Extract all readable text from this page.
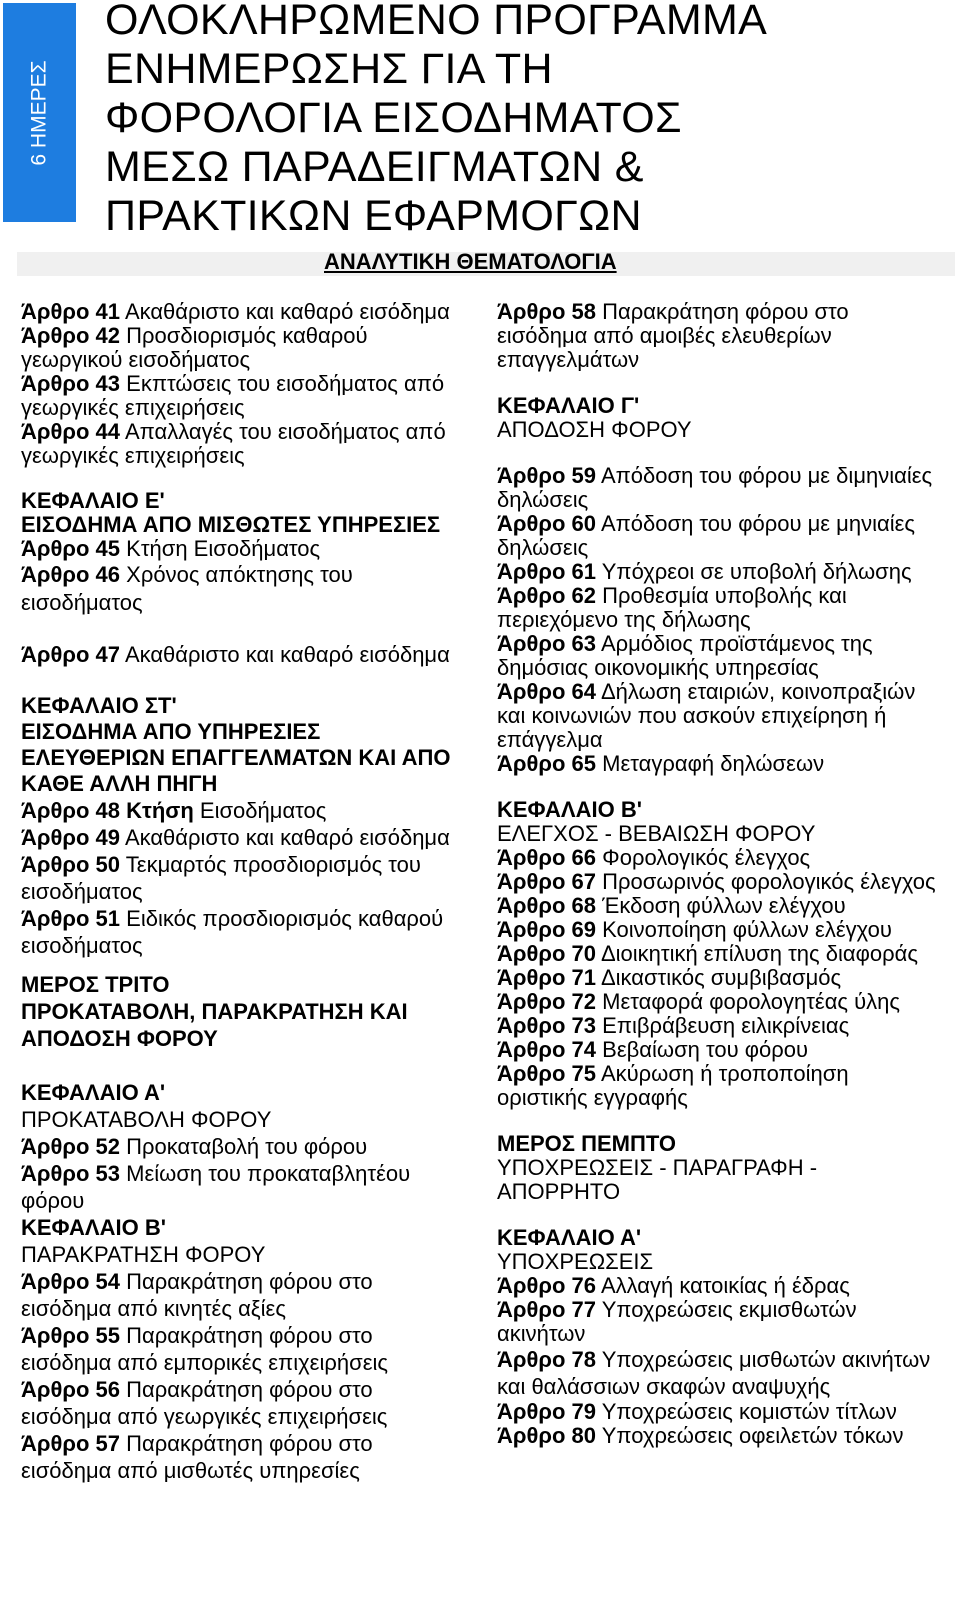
6 ΗΜΕΡΕΣ
ΟΛΟΚΛΗΡΩΜΕΝΟ ΠΡΟΓΡΑΜΜΑ
ΕΝΗΜΕΡΩΣΗΣ ΓΙΑ ΤΗ
ΦΟΡΟΛΟΓΙΑ ΕΙΣΟΔΗΜΑΤΟΣ
ΜΕΣΩ ΠΑΡΑΔΕΙΓΜΑΤΩΝ &
ΠΡΑΚΤΙΚΩΝ ΕΦΑΡΜΟΓΩΝ
ΑΝΑΛΥΤΙΚΗ ΘΕΜΑΤΟΛΟΓΙΑ
Άρθρο 41 Ακαθάριστο και καθαρό εισόδημα
Άρθρο 42 Προσδιορισμός καθαρού γεωργικού εισοδήματος
Άρθρο 43 Εκπτώσεις του εισοδήματος από γεωργικές επιχειρήσεις
Άρθρο 44 Απαλλαγές του εισοδήματος από γεωργικές επιχειρήσεις
ΚΕΦΑΛΑΙΟ Ε'
ΕΙΣΟΔΗΜΑ ΑΠΟ ΜΙΣΘΩΤΕΣ ΥΠΗΡΕΣΙΕΣ
Άρθρο 45 Κτήση Εισοδήματος
Άρθρο 46 Χρόνος απόκτησης του εισοδήματος
Άρθρο 47 Ακαθάριστο και καθαρό εισόδημα
ΚΕΦΑΛΑΙΟ ΣΤ'
ΕΙΣΟΔΗΜΑ ΑΠΟ ΥΠΗΡΕΣΙΕΣ ΕΛΕΥΘΕΡΙΩΝ ΕΠΑΓΓΕΛΜΑΤΩΝ ΚΑΙ ΑΠΟ ΚΑΘΕ ΑΛΛΗ ΠΗΓΗ
Άρθρο 48 Κτήση Εισοδήματος
Άρθρο 49 Ακαθάριστο και καθαρό εισόδημα
Άρθρο 50 Τεκμαρτός προσδιορισμός του εισοδήματος
Άρθρο 51 Ειδικός προσδιορισμός καθαρού εισοδήματος
ΜΕΡΟΣ ΤΡΙΤΟ
ΠΡΟΚΑΤΑΒΟΛΗ, ΠΑΡΑΚΡΑΤΗΣΗ ΚΑΙ ΑΠΟΔΟΣΗ ΦΟΡΟΥ
ΚΕΦΑΛΑΙΟ Α'
ΠΡΟΚΑΤΑΒΟΛΗ ΦΟΡΟΥ
Άρθρο 52 Προκαταβολή του φόρου
Άρθρο 53 Μείωση του προκαταβλητέου φόρου
ΚΕΦΑΛΑΙΟ Β'
ΠΑΡΑΚΡΑΤΗΣΗ ΦΟΡΟΥ
Άρθρο 54 Παρακράτηση φόρου στο εισόδημα από κινητές αξίες
Άρθρο 55 Παρακράτηση φόρου στο εισόδημα από εμπορικές επιχειρήσεις
Άρθρο 56 Παρακράτηση φόρου στο εισόδημα από γεωργικές επιχειρήσεις
Άρθρο 57 Παρακράτηση φόρου στο εισόδημα από μισθωτές υπηρεσίες
Άρθρο 58 Παρακράτηση φόρου στο εισόδημα από αμοιβές ελευθερίων επαγγελμάτων
ΚΕΦΑΛΑΙΟ Γ'
ΑΠΟΔΟΣΗ ΦΟΡΟΥ
Άρθρο 59 Απόδοση του φόρου με διμηνιαίες δηλώσεις
Άρθρο 60 Απόδοση του φόρου με μηνιαίες δηλώσεις
Άρθρο 61 Υπόχρεοι σε υποβολή δήλωσης
Άρθρο 62 Προθεσμία υποβολής και περιεχόμενο της δήλωσης
Άρθρο 63 Αρμόδιος προϊστάμενος της δημόσιας οικονομικής υπηρεσίας
Άρθρο 64 Δήλωση εταιριών, κοινοπραξιών και κοινωνιών που ασκούν επιχείρηση ή επάγγελμα
Άρθρο 65 Μεταγραφή δηλώσεων
ΚΕΦΑΛΑΙΟ Β'
ΕΛΕΓΧΟΣ - ΒΕΒΑΙΩΣΗ ΦΟΡΟΥ
Άρθρο 66 Φορολογικός έλεγχος
Άρθρο 67 Προσωρινός φορολογικός έλεγχος
Άρθρο 68 Έκδοση φύλλων ελέγχου
Άρθρο 69 Κοινοποίηση φύλλων ελέγχου
Άρθρο 70 Διοικητική επίλυση της διαφοράς
Άρθρο 71 Δικαστικός συμβιβασμός
Άρθρο 72 Μεταφορά φορολογητέας ύλης
Άρθρο 73 Επιβράβευση ειλικρίνειας
Άρθρο 74 Βεβαίωση του φόρου
Άρθρο 75 Ακύρωση ή τροποποίηση οριστικής εγγραφής
ΜΕΡΟΣ ΠΕΜΠΤΟ
ΥΠΟΧΡΕΩΣΕΙΣ - ΠΑΡΑΓΡΑΦΗ - ΑΠΟΡΡΗΤΟ
ΚΕΦΑΛΑΙΟ Α'
ΥΠΟΧΡΕΩΣΕΙΣ
Άρθρο 76 Αλλαγή κατοικίας ή έδρας
Άρθρο 77 Υποχρεώσεις εκμισθωτών ακινήτων
Άρθρο 78 Υποχρεώσεις μισθωτών ακινήτων και θαλάσσιων σκαφών αναψυχής
Άρθρο 79 Υποχρεώσεις κομιστών τίτλων
Άρθρο 80 Υποχρεώσεις οφειλετών τόκων
